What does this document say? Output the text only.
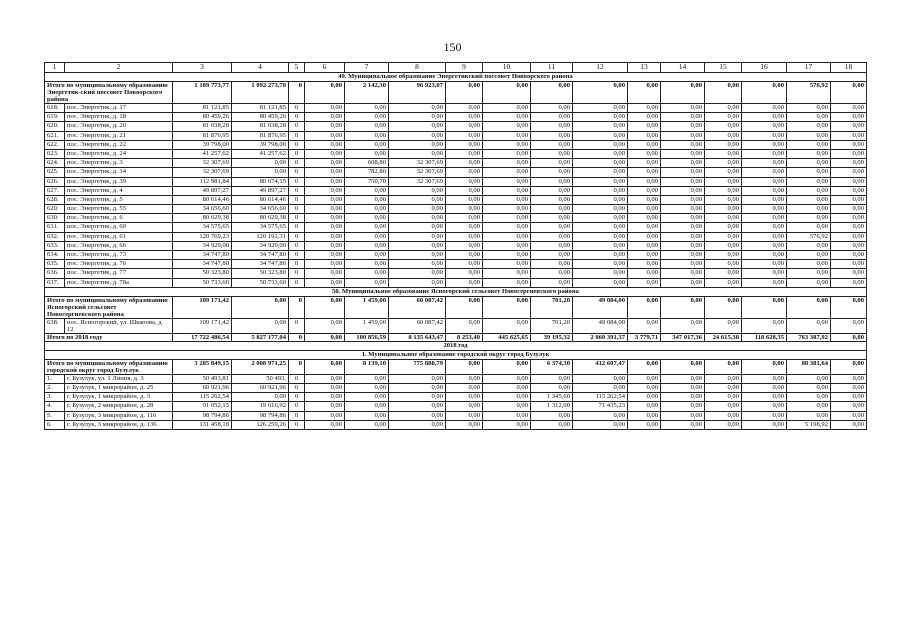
150
1	2	3	4	5	6	7	8	9	10	11	12	13	14	15	16	17	18
49. Муниципальное образование Энергетикский поссовет Новоорского района																	
Итого по муниципальному образованию Энергетик-ский поссовет Новоорского района		1 189 773,77	1 092 273,78	0	0,00	2 142,30	96 923,07	0,00	0,00	0,00	0,00	0,00	0,00	0,00	0,00	576,92	0,00
618.	пос. Энергетик, д. 17	81 121,85	81 121,85	0	0,00	0,00	0,00	0,00	0,00	0,00	0,00	0,00	0,00	0,00	0,00	0,00	0,00
619.	пос. Энергетик, д. 18	80 459,26	80 459,26	0	0,00	0,00	0,00	0,00	0,00	0,00	0,00	0,00	0,00	0,00	0,00	0,00	0,00
620.	пос. Энергетик, д. 20	81 038,28	81 038,28	0	0,00	0,00	0,00	0,00	0,00	0,00	0,00	0,00	0,00	0,00	0,00	0,00	0,00
621.	пос. Энергетик, д. 21	81 876,95	81 876,95	0	0,00	0,00	0,00	0,00	0,00	0,00	0,00	0,00	0,00	0,00	0,00	0,00	0,00
622.	пос. Энергетик, д. 22	39 798,00	39 798,00	0	0,00	0,00	0,00	0,00	0,00	0,00	0,00	0,00	0,00	0,00	0,00	0,00	0,00
623.	пос. Энергетик, д. 24	41 257,62	41 257,62	0	0,00	0,00	0,00	0,00	0,00	0,00	0,00	0,00	0,00	0,00	0,00	0,00	0,00
624.	пос. Энергетик, д. 3	32 307,69	0,00	0	0,00	608,80	32 307,69	0,00	0,00	0,00	0,00	0,00	0,00	0,00	0,00	0,00	0,00
625.	пос. Энергетик, д. 34	32 307,69	0,00	0	0,00	782,80	32 307,69	0,00	0,00	0,00	0,00	0,00	0,00	0,00	0,00	0,00	0,00
626.	пос. Энергетик, д. 39	112 981,84	80 674,15	0	0,00	750,70	32 307,69	0,00	0,00	0,00	0,00	0,00	0,00	0,00	0,00	0,00	0,00
627.	пос. Энергетик, д. 4	49 897,27	49 897,27	0	0,00	0,00	0,00	0,00	0,00	0,00	0,00	0,00	0,00	0,00	0,00	0,00	0,00
628.	пос. Энергетик, д. 5	80 614,46	80 614,46	0	0,00	0,00	0,00	0,00	0,00	0,00	0,00	0,00	0,00	0,00	0,00	0,00	0,00
629.	пос. Энергетик, д. 55	34 656,60	34 656,60	0	0,00	0,00	0,00	0,00	0,00	0,00	0,00	0,00	0,00	0,00	0,00	0,00	0,00
630.	пос. Энергетик, д. 6	80 629,38	80 629,38	0	0,00	0,00	0,00	0,00	0,00	0,00	0,00	0,00	0,00	0,00	0,00	0,00	0,00
631.	пос. Энергетик, д. 60	34 575,65	34 575,65	0	0,00	0,00	0,00	0,00	0,00	0,00	0,00	0,00	0,00	0,00	0,00	0,00	0,00
632.	пос. Энергетик, д. 61	120 769,23	120 192,31	0	0,00	0,00	0,00	0,00	0,00	0,00	0,00	0,00	0,00	0,00	0,00	576,92	0,00
633.	пос. Энергетик, д. 66	34 929,00	34 929,00	0	0,00	0,00	0,00	0,00	0,00	0,00	0,00	0,00	0,00	0,00	0,00	0,00	0,00
634.	пос. Энергетик, д. 73	34 747,80	34 747,80	0	0,00	0,00	0,00	0,00	0,00	0,00	0,00	0,00	0,00	0,00	0,00	0,00	0,00
635.	пос. Энергетик, д. 76	34 747,80	34 747,80	0	0,00	0,00	0,00	0,00	0,00	0,00	0,00	0,00	0,00	0,00	0,00	0,00	0,00
636.	пос. Энергетик, д. 77	50 323,80	50 323,80	0	0,00	0,00	0,00	0,00	0,00	0,00	0,00	0,00	0,00	0,00	0,00	0,00	0,00
637.	пос. Энергетик, д. 78а	50 733,60	50 733,60	0	0,00	0,00	0,00	0,00	0,00	0,00	0,00	0,00	0,00	0,00	0,00	0,00	0,00
50. Муниципальное образование Ясногорский сельсовет Новосергиевского района																	
Итого по муниципальному образованию Ясногорский сельсовет Новосергиевского района		109 171,42	0,00	0	0,00	1 459,00	60 087,42	0,00	0,00	701,20	49 084,00	0,00	0,00	0,00	0,00	0,00	0,00
638.	пос. Ясногорский, ул. Шкапова, д. 12	109 171,42	0,00	0	0,00	1 459,00	60 087,42	0,00	0,00	701,20	49 084,00	0,00	0,00	0,00	0,00	0,00	0,00
Итого по 2018 году		17 722 486,54	5 827 177,04	0	0,00	100 856,59	8 135 643,47	8 253,40	445 625,65	39 195,32	2 060 391,37	3 779,71	347 017,36	24 615,38	118 628,35	763 387,92	0,00
2018 год																	
1. Муниципальное образование городской округ город Бузулук																	
Итого по муниципальному образованию городской округ город Бузулук		3 285 849,15	2 008 971,25	0	0,00	8 139,10	775 888,79	0,00	0,00	6 374,30	412 607,47	0,00	0,00	0,00	0,00	88 381,64	0,00
1.	г. Бузулук, ул. 1 Линия, д. 3	50 493,81	50 493,	0	0,00	0,00	0,00	0,00	0,00	0,00	0,00	0,00	0,00	0,00	0,00	0,00	0,00
2.	г. Бузулук, 1 микрорайон, д. 25	60 921,96	60 921,96	0	0,00	0,00	0,00	0,00	0,00	0,00	0,00	0,00	0,00	0,00	0,00	0,00	0,00
3.	г. Бузулук, 1 микрорайон, д. 3	115 262,54	0,00	0	0,00	0,00	0,00	0,00	0,00	1 345,60	115 262,54	0,00	0,00	0,00	0,00	0,00	0,00
4.	г. Бузулук, 2 микрорайон, д. 28	91 052,15	19 616,92	0	0,00	0,00	0,00	0,00	0,00	1 312,00	71 435,23	0,00	0,00	0,00	0,00	0,00	0,00
5.	г. Бузулук, 3 микрорайон, д. 116	98 794,86	98 794,86	0	0,00	0,00	0,00	0,00	0,00	0,00	0,00	0,00	0,00	0,00	0,00	0,00	0,00
6.	г. Бузулук, 3 микрорайон, д. 136	131 458,18	126 259,26	0	0,00	0,00	0,00	0,00	0,00	0,00	0,00	0,00	0,00	0,00	0,00	5 198,92	0,00
